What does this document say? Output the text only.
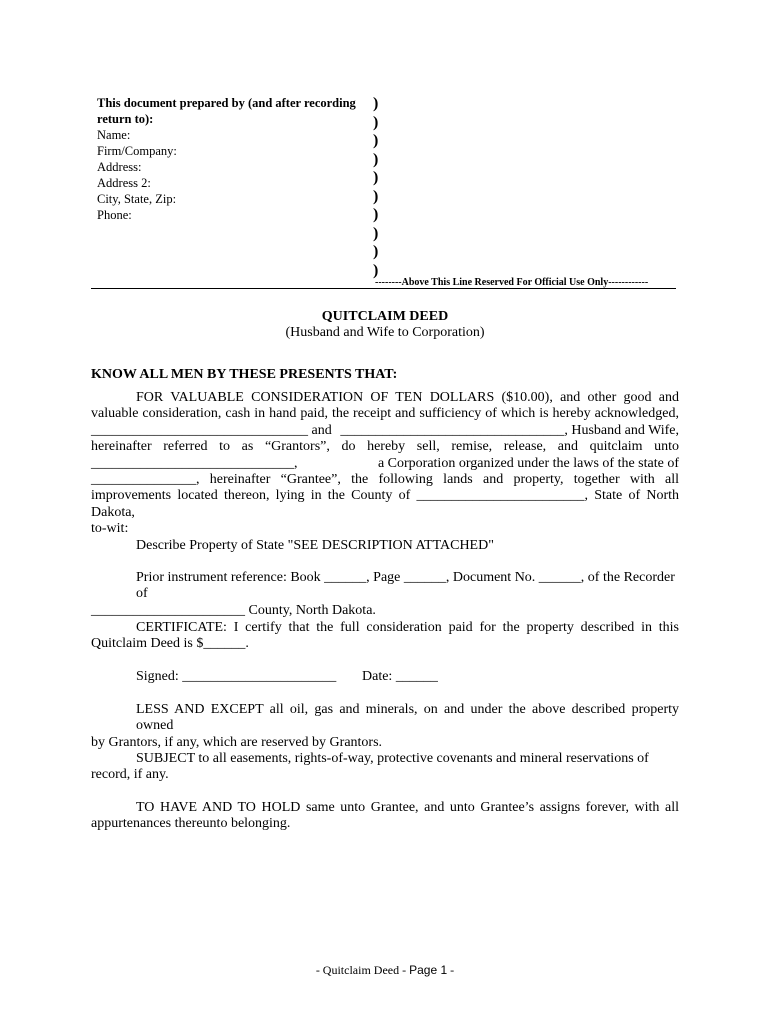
This document prepared by (and after recording
return to):
Name:
Firm/Company:
Address:
Address 2:
City, State, Zip:
Phone:
)
)
)
)
)
)
)
)
)
)
--------Above This Line Reserved For Official Use Only------------
QUITCLAIM DEED
(Husband and Wife to Corporation)
KNOW ALL MEN BY THESE PRESENTS THAT:
FOR VALUABLE CONSIDERATION OF TEN DOLLARS ($10.00), and other good and
valuable consideration, cash in hand paid, the receipt and sufficiency of which is hereby acknowledged,
_______________________________ and ________________________________, Husband and Wife,
hereinafter referred to as “Grantors”, do hereby sell, remise, release, and quitclaim unto
_____________________________,	a Corporation organized under the laws of the state of
_______________, hereinafter “Grantee”, the following lands and property, together with all
improvements located thereon, lying in the County of ________________________, State of North Dakota,
to-wit:
Describe Property of State "SEE DESCRIPTION ATTACHED"
Prior instrument reference: Book ______, Page ______, Document No. ______, of the Recorder of
______________________ County, North Dakota.
CERTIFICATE: I certify that the full consideration paid for the property described in this
Quitclaim Deed is $______.
Signed: ______________________ Date: ______
LESS AND EXCEPT all oil, gas and minerals, on and under the above described property owned
by Grantors, if any, which are reserved by Grantors.
SUBJECT to all easements, rights-of-way, protective covenants and mineral reservations of
record, if any.
TO HAVE AND TO HOLD same unto Grantee, and unto Grantee’s assigns forever, with all
appurtenances thereunto belonging.
- Quitclaim Deed - Page 1 -
